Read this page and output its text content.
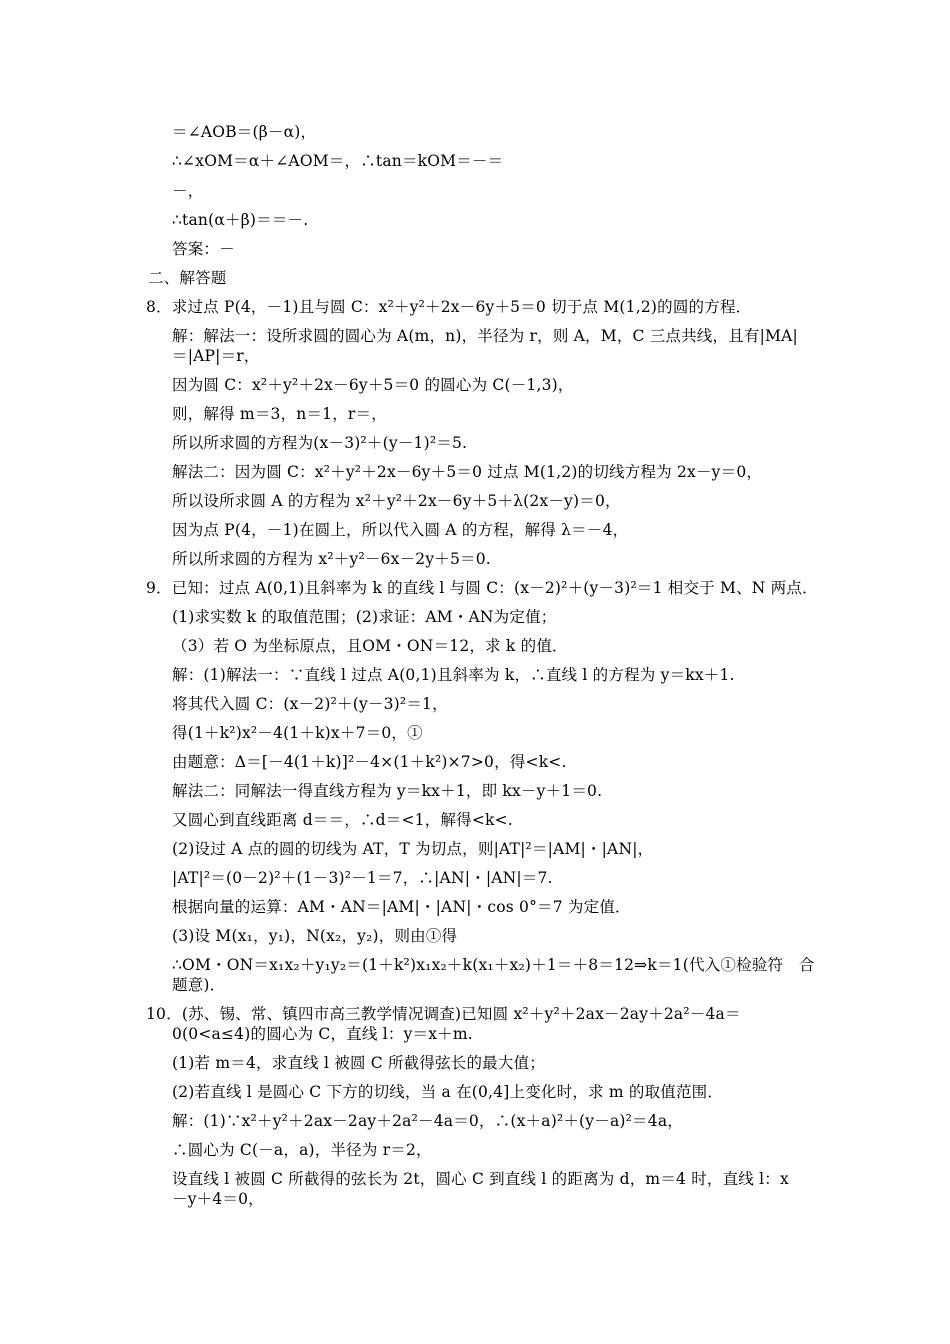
＝∠AOB＝(β－α)，
∴∠xOM＝α＋∠AOM＝，∴tan＝kOM＝－＝
－，
∴tan(α＋β)＝＝－.
答案：－
二、解答题
8．求过点 P(4，－1)且与圆 C：x²＋y²＋2x－6y＋5＝0 切于点 M(1,2)的圆的方程．
解：解法一：设所求圆的圆心为 A(m，n)，半径为 r，则 A，M，C 三点共线，且有|MA|
＝|AP|＝r，
因为圆 C：x²＋y²＋2x－6y＋5＝0 的圆心为 C(－1,3)，
则，解得 m＝3，n＝1，r＝，
所以所求圆的方程为(x－3)²＋(y－1)²＝5.
解法二：因为圆 C：x²＋y²＋2x－6y＋5＝0 过点 M(1,2)的切线方程为 2x－y＝0，
所以设所求圆 A 的方程为 x²＋y²＋2x－6y＋5＋λ(2x－y)＝0，
因为点 P(4，－1)在圆上，所以代入圆 A 的方程，解得 λ＝－4，
所以所求圆的方程为 x²＋y²－6x－2y＋5＝0.
9．已知：过点 A(0,1)且斜率为 k 的直线 l 与圆 C：(x－2)²＋(y－3)²＝1 相交于 M、N 两点．
(1)求实数 k 的取值范围；(2)求证：AM・AN为定值；
（3）若 O 为坐标原点，且OM・ON＝12，求 k 的值．
解：(1)解法一：∵直线 l 过点 A(0,1)且斜率为 k，∴直线 l 的方程为 y＝kx＋1.
将其代入圆 C：(x－2)²＋(y－3)²＝1，
得(1＋k²)x²－4(1＋k)x＋7＝0，①
由题意：Δ＝[－4(1＋k)]²－4×(1＋k²)×7>0，得<k<.
解法二：同解法一得直线方程为 y＝kx＋1，即 kx－y＋1＝0.
又圆心到直线距离 d＝＝，∴d＝<1，解得<k<.
(2)设过 A 点的圆的切线为 AT，T 为切点，则|AT|²＝|AM|・|AN|，
|AT|²＝(0－2)²＋(1－3)²－1＝7，∴|AN|・|AN|＝7.
根据向量的运算：AM・AN＝|AM|・|AN|・cos 0°＝7 为定值．
(3)设 M(x₁，y₁)，N(x₂，y₂)，则由①得
∴OM・ON＝x₁x₂＋y₁y₂＝(1＋k²)x₁x₂＋k(x₁＋x₂)＋1＝＋8＝12⇒k＝1(代入①检验符　合
题意)．
10．(苏、锡、常、镇四市高三教学情况调查)已知圆 x²＋y²＋2ax－2ay＋2a²－4a＝
0(0<a≤4)的圆心为 C，直线 l：y＝x＋m.
(1)若 m＝4，求直线 l 被圆 C 所截得弦长的最大值；
(2)若直线 l 是圆心 C 下方的切线，当 a 在(0,4]上变化时，求 m 的取值范围．
解：(1)∵x²＋y²＋2ax－2ay＋2a²－4a＝0，∴(x＋a)²＋(y－a)²＝4a，
∴圆心为 C(－a，a)，半径为 r＝2，
设直线 l 被圆 C 所截得的弦长为 2t，圆心 C 到直线 l 的距离为 d，m＝4 时，直线 l：x
－y＋4＝0，
